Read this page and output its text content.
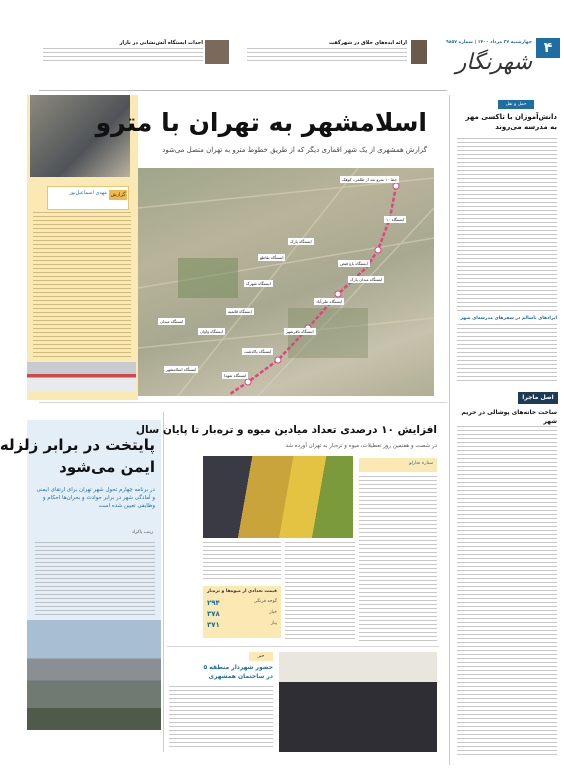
۴
شهرنگار
چهارشنبه ۲۷ مرداد ۱۴۰۰ | شماره ۹۸۵۷
ارائه ایده‌های خلاق در شهرگفت
احداث ایستگاه آتش‌نشانی در بازار
گزارش
مهدی اسماعیل‌پور
اسلامشهر به تهران با مترو
گزارش همشهری از یک شهر اقماری دیگر که از طریق خطوط مترو به تهران متصل می‌شود
خط ۱۰ مترو بعد از ظلمی، کوهک
ایستگاه ۱۰
ایستگاه باغ فیض
ایستگاه پارک
ایستگاه میدان پارک
ایستگاه تقاطع
ایستگاه علی‌آباد
ایستگاه شهرک
ایستگاه قائمیه
ایستگاه باقرشهر
ایستگاه واوان
ایستگاه پاکدشت
ایستگاه میدان
ایستگاه شهدا
ایستگاه اسلامشهر
حمل و نقل
دانش‌آموزان با تاکسی مهر به مدرسه می‌روند
ایرادهای ناسالم در سفرهای مدرسه‌ای شهر
اصل ماجرا
ساخت خانه‌های پوشالی در حریم شهر
پایتخت در برابر زلزله
ایمن می‌شود
در برنامه چهارم تحول شهر تهران برای ارتقای ایمنی و آمادگی شهر در برابر حوادث و بحران‌ها احکام و وظایفی تعیین شده است
زینب پاکزاد
افزایش ۱۰ درصدی تعداد میادین میوه و تره‌بار تا پایان سال
در شصت و هفتمین روز تعطیلات، میوه و تره‌بار به تهران آورده شد
ستاره نجارلو
قیمت تعدادی از میوه‌ها و تره‌بار
گوجه فرنگی
۲۹۴
خیار
۳۷۸
پیاز
۳۷۱
خبر
حضور شهردار منطقه ۵
در ساختمان همشهری
